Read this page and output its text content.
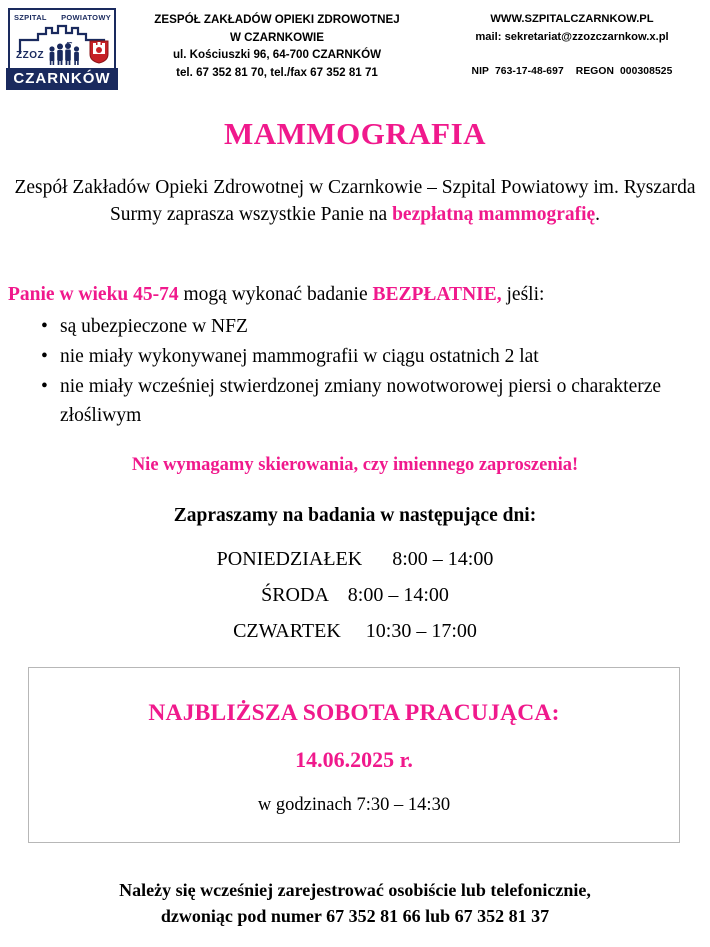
SZPITAL POWIATOWY
ZZOZ
CZARNKÓW
ZESPÓŁ ZAKŁADÓW OPIEKI ZDROWOTNEJ
W CZARNKOWIE
ul. Kościuszki 96, 64-700 CZARNKÓW
tel. 67 352 81 70, tel./fax 67 352 81 71
WWW.SZPITALCZARNKOW.PL
mail: sekretariat@zzozczarnkow.x.pl
NIP 763-17-48-697 REGON 000308525
MAMMOGRAFIA
Zespół Zakładów Opieki Zdrowotnej w Czarnkowie – Szpital Powiatowy im. Ryszarda Surmy zaprasza wszystkie Panie na bezpłatną mammografię.
Panie w wieku 45-74 mogą wykonać badanie BEZPŁATNIE, jeśli:
• są ubezpieczone w NFZ
• nie miały wykonywanej mammografii w ciągu ostatnich 2 lat
• nie miały wcześniej stwierdzonej zmiany nowotworowej piersi o charakterze złośliwym
Nie wymagamy skierowania, czy imiennego zaproszenia!
Zapraszamy na badania w następujące dni:
PONIEDZIAŁEK      8:00 – 14:00
ŚRODA    8:00 – 14:00
CZWARTEK     10:30 – 17:00
NAJBLIŻSZA SOBOTA PRACUJĄCA:
14.06.2025 r.
w godzinach 7:30 – 14:30
Należy się wcześniej zarejestrować osobiście lub telefonicznie,
dzwoniąc pod numer 67 352 81 66 lub 67 352 81 37
